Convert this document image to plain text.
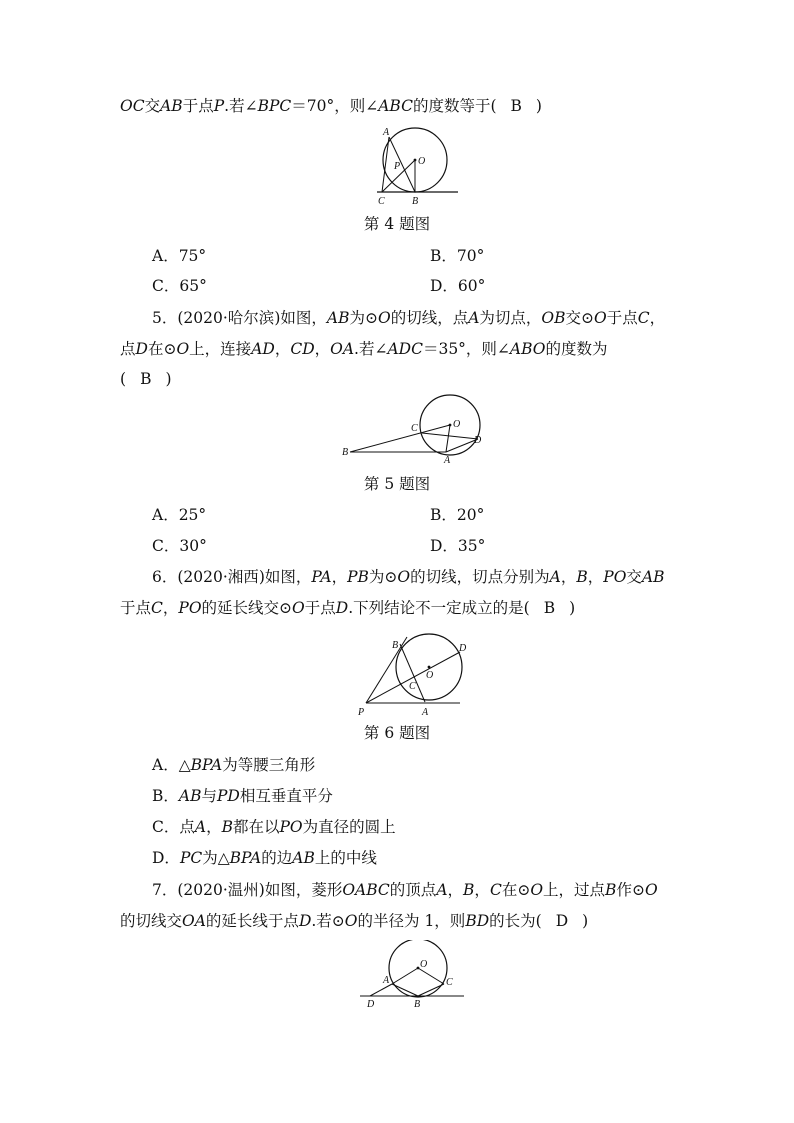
OC交AB于点P.若∠BPC＝70°，则∠ABC的度数等于( B )
A
O
P
C	B
第 4 题图
A．75°	B．70°
C．65°	D．60°
5．(2020·哈尔滨)如图，AB为⊙O的切线，点A为切点，OB交⊙O于点C，
点D在⊙O上，连接AD，CD，OA.若∠ADC＝35°，则∠ABO的度数为
( B )
C	O
D
B
A
第 5 题图
A．25°	B．20°
C．30°	D．35°
6．(2020·湘西)如图，PA，PB为⊙O的切线，切点分别为A，B，PO交AB
于点C，PO的延长线交⊙O于点D.下列结论不一定成立的是( B )
B	D
O
C
P	A
第 6 题图
A．△BPA为等腰三角形
B．AB与PD相互垂直平分
C．点A，B都在以PO为直径的圆上
D．PC为△BPA的边AB上的中线
7．(2020·温州)如图，菱形OABC的顶点A，B，C在⊙O上，过点B作⊙O
的切线交OA的延长线于点D.若⊙O的半径为 1，则BD的长为( D )
O
A	C
D	B
